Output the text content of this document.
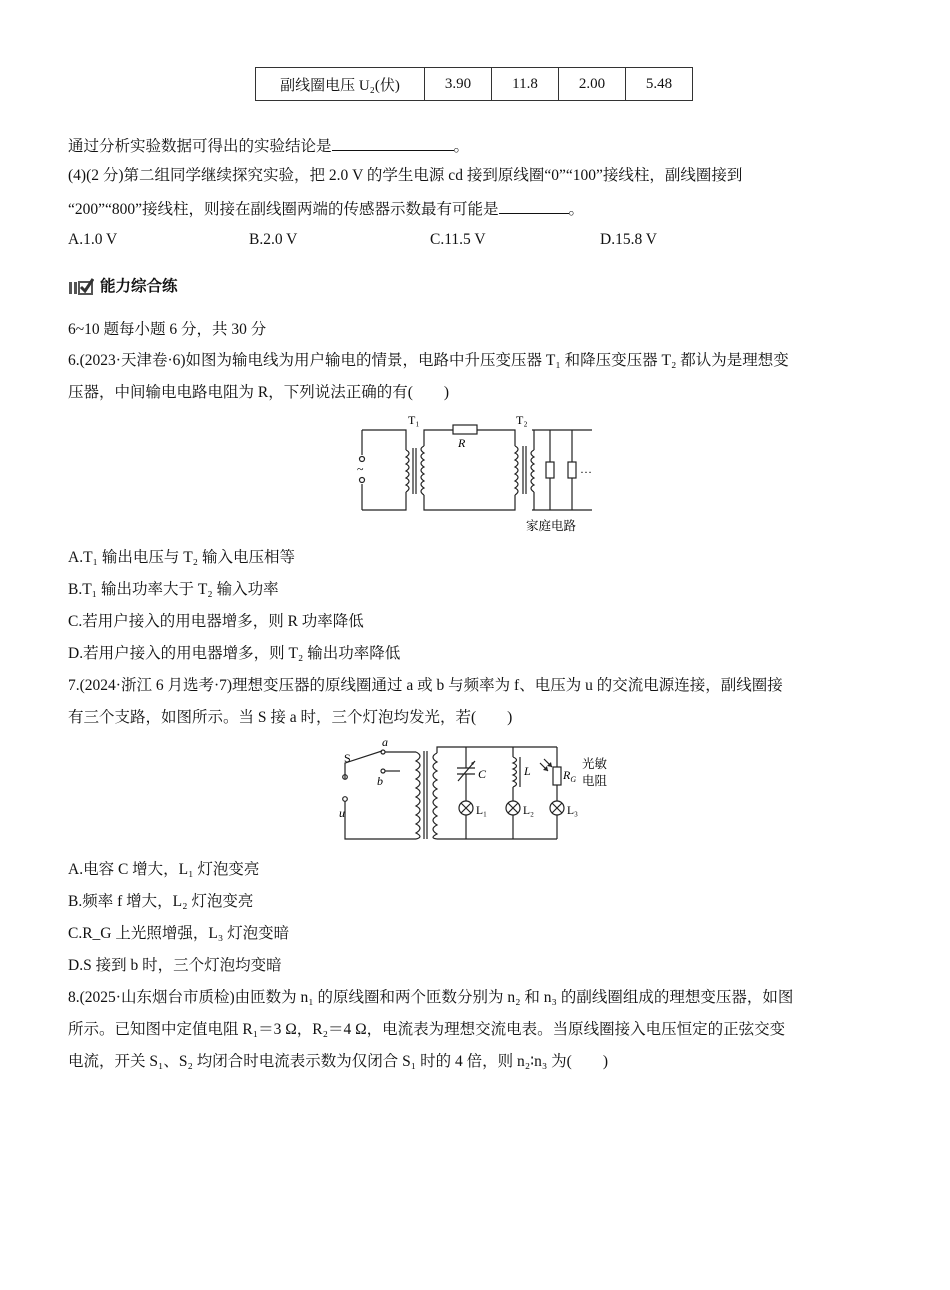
副线圈电压 U₂(伏)	3.90	11.8	2.00	5.48
通过分析实验数据可得出的实验结论是	。
(4)(2 分)第二组同学继续探究实验，把 2.0 V 的学生电源 cd 接到原线圈“0”“100”接线柱，副线圈接到
“200”“800”接线柱，则接在副线圈两端的传感器示数最有可能是	。
A.1.0 V	B.2.0 V	C.11.5 V	D.15.8 V
能力综合练
6~10 题每小题 6 分，共 30 分
6.(2023·天津卷·6)如图为输电线为用户输电的情景，电路中升压变压器 T₁ 和降压变压器 T₂ 都认为是理想变
压器，中间输电电路电阻为 R，下列说法正确的有(　　)
T₁	T₂
R
~	…
家庭电路
A.T₁ 输出电压与 T₂ 输入电压相等
B.T₁ 输出功率大于 T₂ 输入功率
C.若用户接入的用电器增多，则 R 功率降低
D.若用户接入的用电器增多，则 T₂ 输出功率降低
7.(2024·浙江 6 月选考·7)理想变压器的原线圈通过 a 或 b 与频率为 f、电压为 u 的交流电源连接，副线圈接
有三个支路，如图所示。当 S 接 a 时，三个灯泡均发光，若(　　)
S
a
b
u
C	L	$R_G$
L₁	L₂	L₃
光敏
电阻
A.电容 C 增大，L₁ 灯泡变亮
B.频率 f 增大，L₂ 灯泡变亮
C.R_G 上光照增强，L₃ 灯泡变暗
D.S 接到 b 时，三个灯泡均变暗
8.(2025·山东烟台市质检)由匝数为 n₁ 的原线圈和两个匝数分别为 n₂ 和 n₃ 的副线圈组成的理想变压器，如图
所示。已知图中定值电阻 R₁＝3 Ω，R₂＝4 Ω，电流表为理想交流电表。当原线圈接入电压恒定的正弦交变
电流，开关 S₁、S₂ 均闭合时电流表示数为仅闭合 S₁ 时的 4 倍，则 n₂∶n₃ 为(　　)
